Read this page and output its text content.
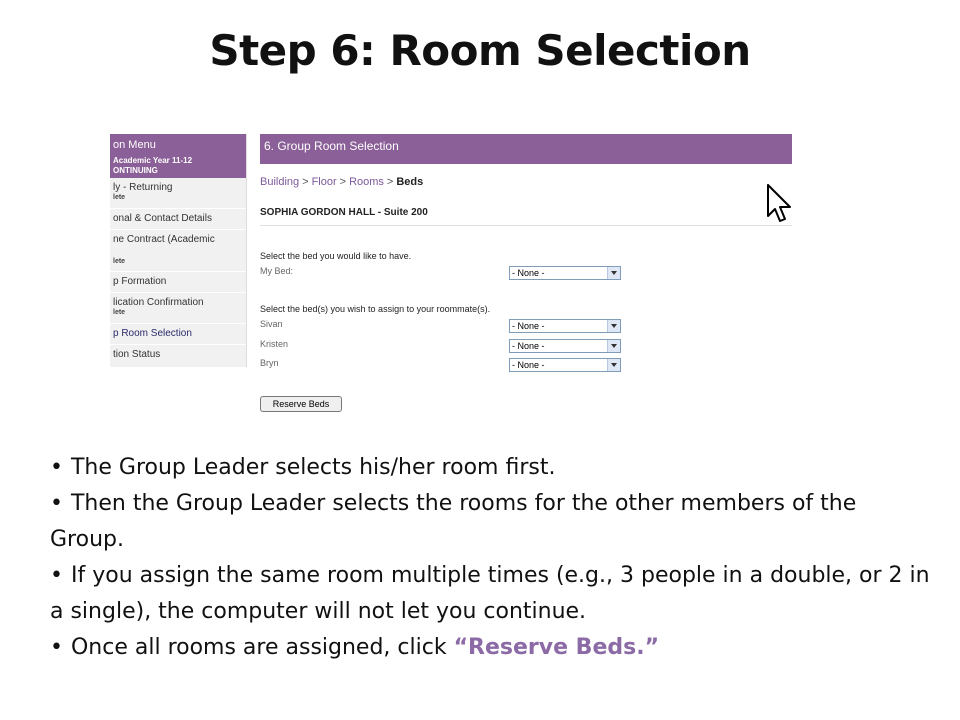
Step 6: Room Selection
on Menu
Academic Year 11-12
ONTINUING
ly - Returning
lete
onal & Contact Details
ne Contract (Academic
lete
p Formation
lication Confirmation
lete
p Room Selection
tion Status
6. Group Room Selection
Building > Floor > Rooms > Beds
SOPHIA GORDON HALL - Suite 200
Select the bed you would like to have.
My Bed:	- None -
Select the bed(s) you wish to assign to your roommate(s).
Sivan	- None -
Kristen	- None -
Bryn	- None -
Reserve Beds
• The Group Leader selects his/her room first.
• Then the Group Leader selects the rooms for the other members of the Group.
• If you assign the same room multiple times (e.g., 3 people in a double, or 2 in a single), the computer will not let you continue.
• Once all rooms are assigned, click “Reserve Beds.”
